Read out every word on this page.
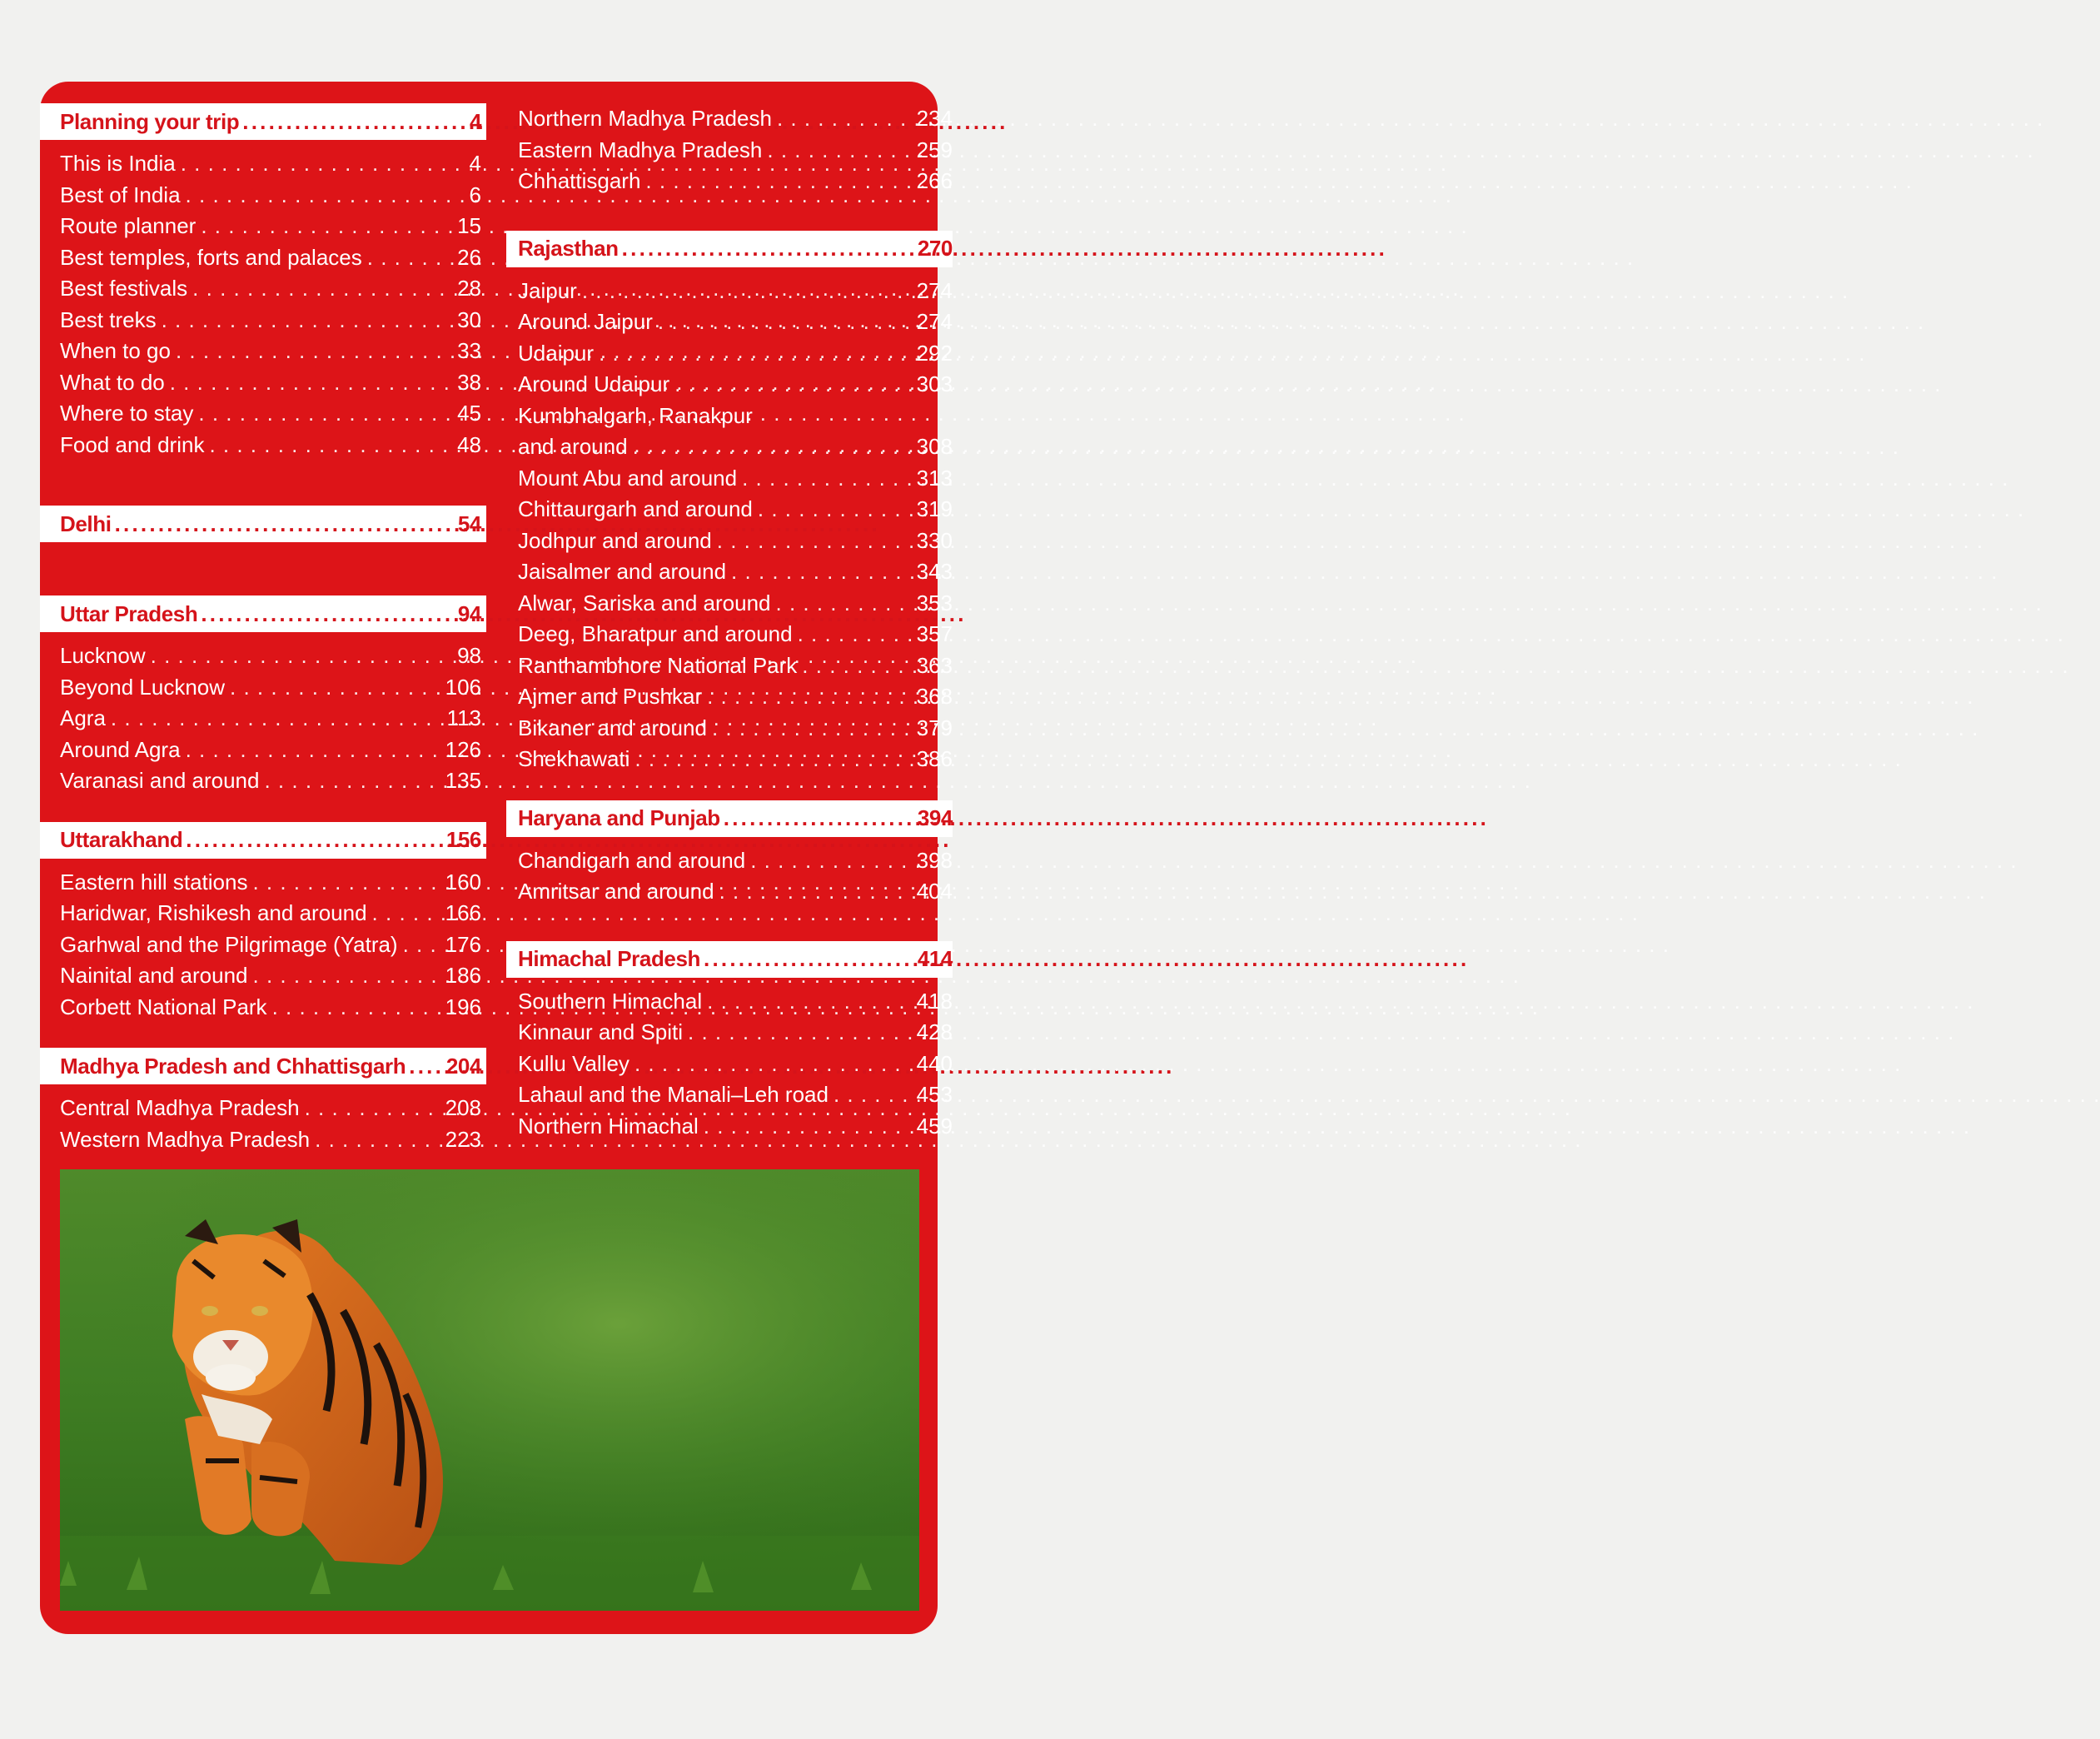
Planning your trip . . .	4
This is India . . .	4
Best of India . . .	6
Route planner . . .	15
Best temples, forts and palaces . . .	26
Best festivals . . .	28
Best treks . . .	30
When to go . . .	33
What to do . . .	38
Where to stay . . .	45
Food and drink . . .	48
Delhi . . .	54
Uttar Pradesh . . .	94
Lucknow . . .	98
Beyond Lucknow . . .	106
Agra . . .	113
Around Agra . . .	126
Varanasi and around . . .	135
Uttarakhand . . .	156
Eastern hill stations . . .	160
Haridwar, Rishikesh and around . . .	166
Garhwal and the Pilgrimage (Yatra) . . . 176
Nainital and around . . .	186
Corbett National Park . . .	196
Madhya Pradesh and Chhattisgarh . . . 204
Central Madhya Pradesh . . .	208
Western Madhya Pradesh . . .	223
Northern Madhya Pradesh . . .	234
Eastern Madhya Pradesh . . .	259
Chhattisgarh . . .	266
Rajasthan . . .	270
Jaipur . . .	274
Around Jaipur . . .	274
Udaipur . . .	292
Around Udaipur . . .	303
Kumbhalgarh, Ranakpur
and around . . .	308
Mount Abu and around . . .	313
Chittaurgarh and around . . .	319
Jodhpur and around . . .	330
Jaisalmer and around . . .	343
Alwar, Sariska and around . . .	353
Deeg, Bharatpur and around . . .	357
Ranthambhore National Park . . .	363
Ajmer and Pushkar . . .	368
Bikaner and around . . .	379
Shekhawati . . .	386
Haryana and Punjab . . .	394
Chandigarh and around . . .	398
Amritsar and around . . .	404
Himachal Pradesh . . .	414
Southern Himachal . . .	418
Kinnaur and Spiti . . .	428
Kullu Valley . . .	440
Lahaul and the Manali–Leh road . . .	453
Northern Himachal . . .	459
